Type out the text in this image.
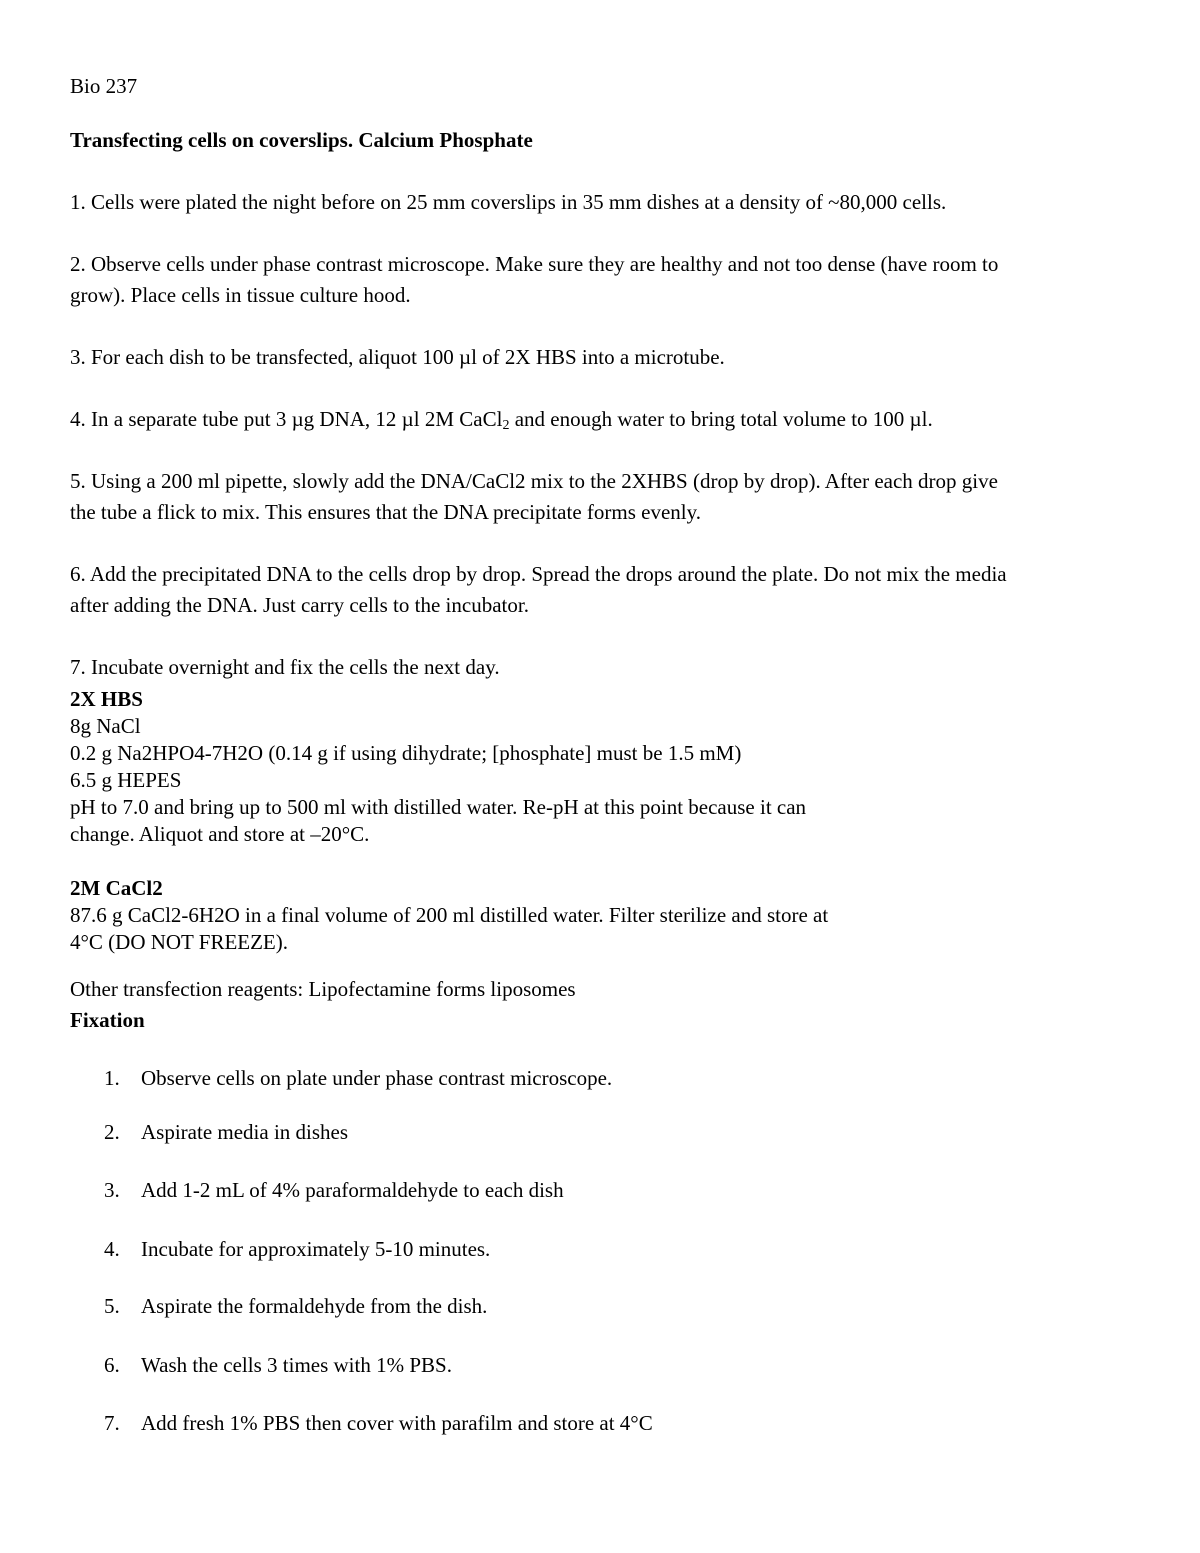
Bio 237
Transfecting cells on coverslips. Calcium Phosphate
1. Cells were plated the night before on 25 mm coverslips in 35 mm dishes at a density of ~80,000 cells.
2. Observe cells under phase contrast microscope. Make sure they are healthy and not too dense (have room to
grow). Place cells in tissue culture hood.
3. For each dish to be transfected, aliquot 100 µl of 2X HBS into a microtube.
4. In a separate tube put 3 µg DNA, 12 µl 2M CaCl$_2$ and enough water to bring total volume to 100 µl.
5. Using a 200 ml pipette, slowly add the DNA/CaCl2 mix to the 2XHBS (drop by drop). After each drop give
the tube a flick to mix. This ensures that the DNA precipitate forms evenly.
6. Add the precipitated DNA to the cells drop by drop. Spread the drops around the plate. Do not mix the media
after adding the DNA. Just carry cells to the incubator.
7. Incubate overnight and fix the cells the next day.
2X HBS
8g NaCl
0.2 g Na2HPO4-7H2O (0.14 g if using dihydrate; [phosphate] must be 1.5 mM)
6.5 g HEPES
pH to 7.0 and bring up to 500 ml with distilled water. Re-pH at this point because it can
change. Aliquot and store at –20°C.
2M CaCl2
87.6 g CaCl2-6H2O in a final volume of 200 ml distilled water. Filter sterilize and store at
4°C (DO NOT FREEZE).
Other transfection reagents: Lipofectamine forms liposomes
Fixation
1. Observe cells on plate under phase contrast microscope.
2. Aspirate media in dishes
3. Add 1-2 mL of 4% paraformaldehyde to each dish
4. Incubate for approximately 5-10 minutes.
5. Aspirate the formaldehyde from the dish.
6. Wash the cells 3 times with 1% PBS.
7. Add fresh 1% PBS then cover with parafilm and store at 4°C
